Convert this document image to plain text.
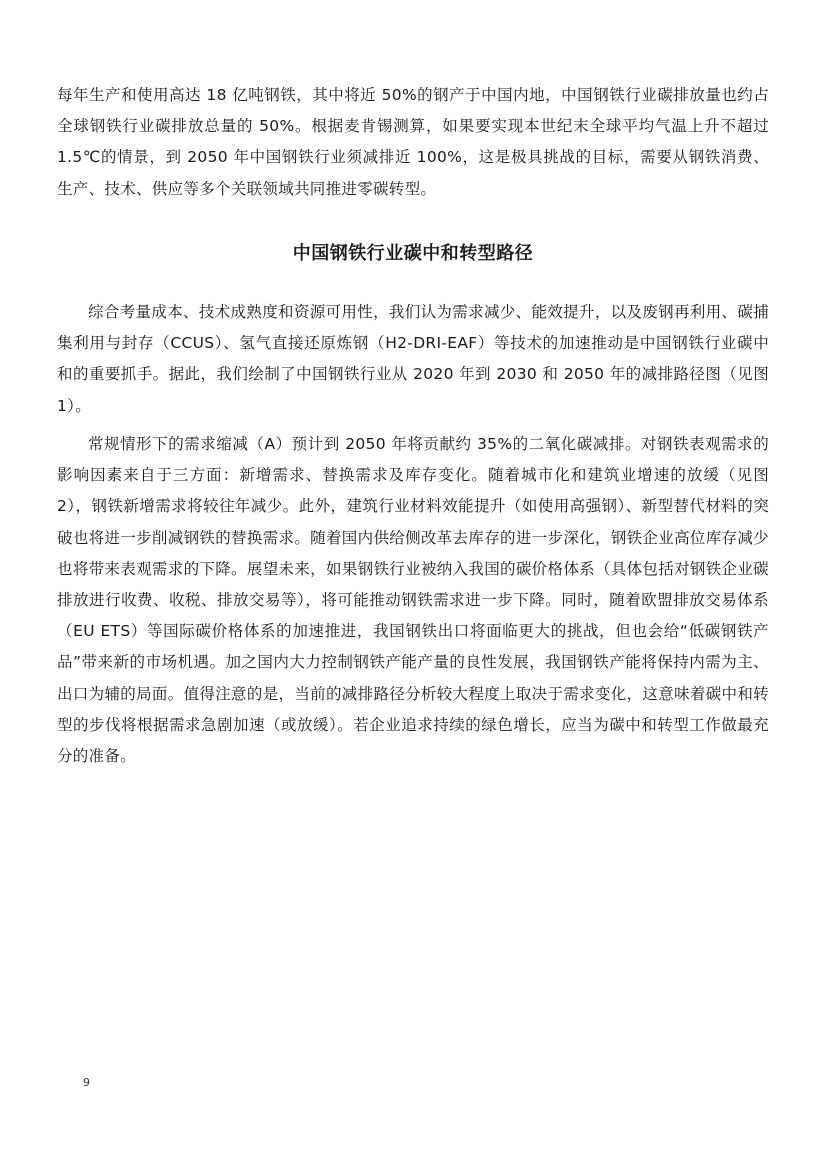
每年生产和使用高达 18 亿吨钢铁，其中将近 50%的钢产于中国内地，中国钢铁行业碳排放量也约占全球钢铁行业碳排放总量的 50%。根据麦肯锡测算，如果要实现本世纪末全球平均气温上升不超过 1.5℃的情景，到 2050 年中国钢铁行业须减排近 100%，这是极具挑战的目标，需要从钢铁消费、生产、技术、供应等多个关联领域共同推进零碳转型。

中国钢铁行业碳中和转型路径

综合考量成本、技术成熟度和资源可用性，我们认为需求减少、能效提升，以及废钢再利用、碳捕集利用与封存（CCUS）、氢气直接还原炼钢（H2-DRI-EAF）等技术的加速推动是中国钢铁行业碳中和的重要抓手。据此，我们绘制了中国钢铁行业从 2020 年到 2030 和 2050 年的减排路径图（见图 1）。

常规情形下的需求缩减（A）预计到 2050 年将贡献约 35%的二氧化碳减排。对钢铁表观需求的影响因素来自于三方面：新增需求、替换需求及库存变化。随着城市化和建筑业增速的放缓（见图 2），钢铁新增需求将较往年减少。此外，建筑行业材料效能提升（如使用高强钢）、新型替代材料的突破也将进一步削减钢铁的替换需求。随着国内供给侧改革去库存的进一步深化，钢铁企业高位库存减少也将带来表观需求的下降。展望未来，如果钢铁行业被纳入我国的碳价格体系（具体包括对钢铁企业碳排放进行收费、收税、排放交易等），将可能推动钢铁需求进一步下降。同时，随着欧盟排放交易体系（EU ETS）等国际碳价格体系的加速推进，我国钢铁出口将面临更大的挑战，但也会给“低碳钢铁产品”带来新的市场机遇。加之国内大力控制钢铁产能产量的良性发展，我国钢铁产能将保持内需为主、出口为辅的局面。值得注意的是，当前的减排路径分析较大程度上取决于需求变化，这意味着碳中和转型的步伐将根据需求急剧加速（或放缓）。若企业追求持续的绿色增长，应当为碳中和转型工作做最充分的准备。

9
